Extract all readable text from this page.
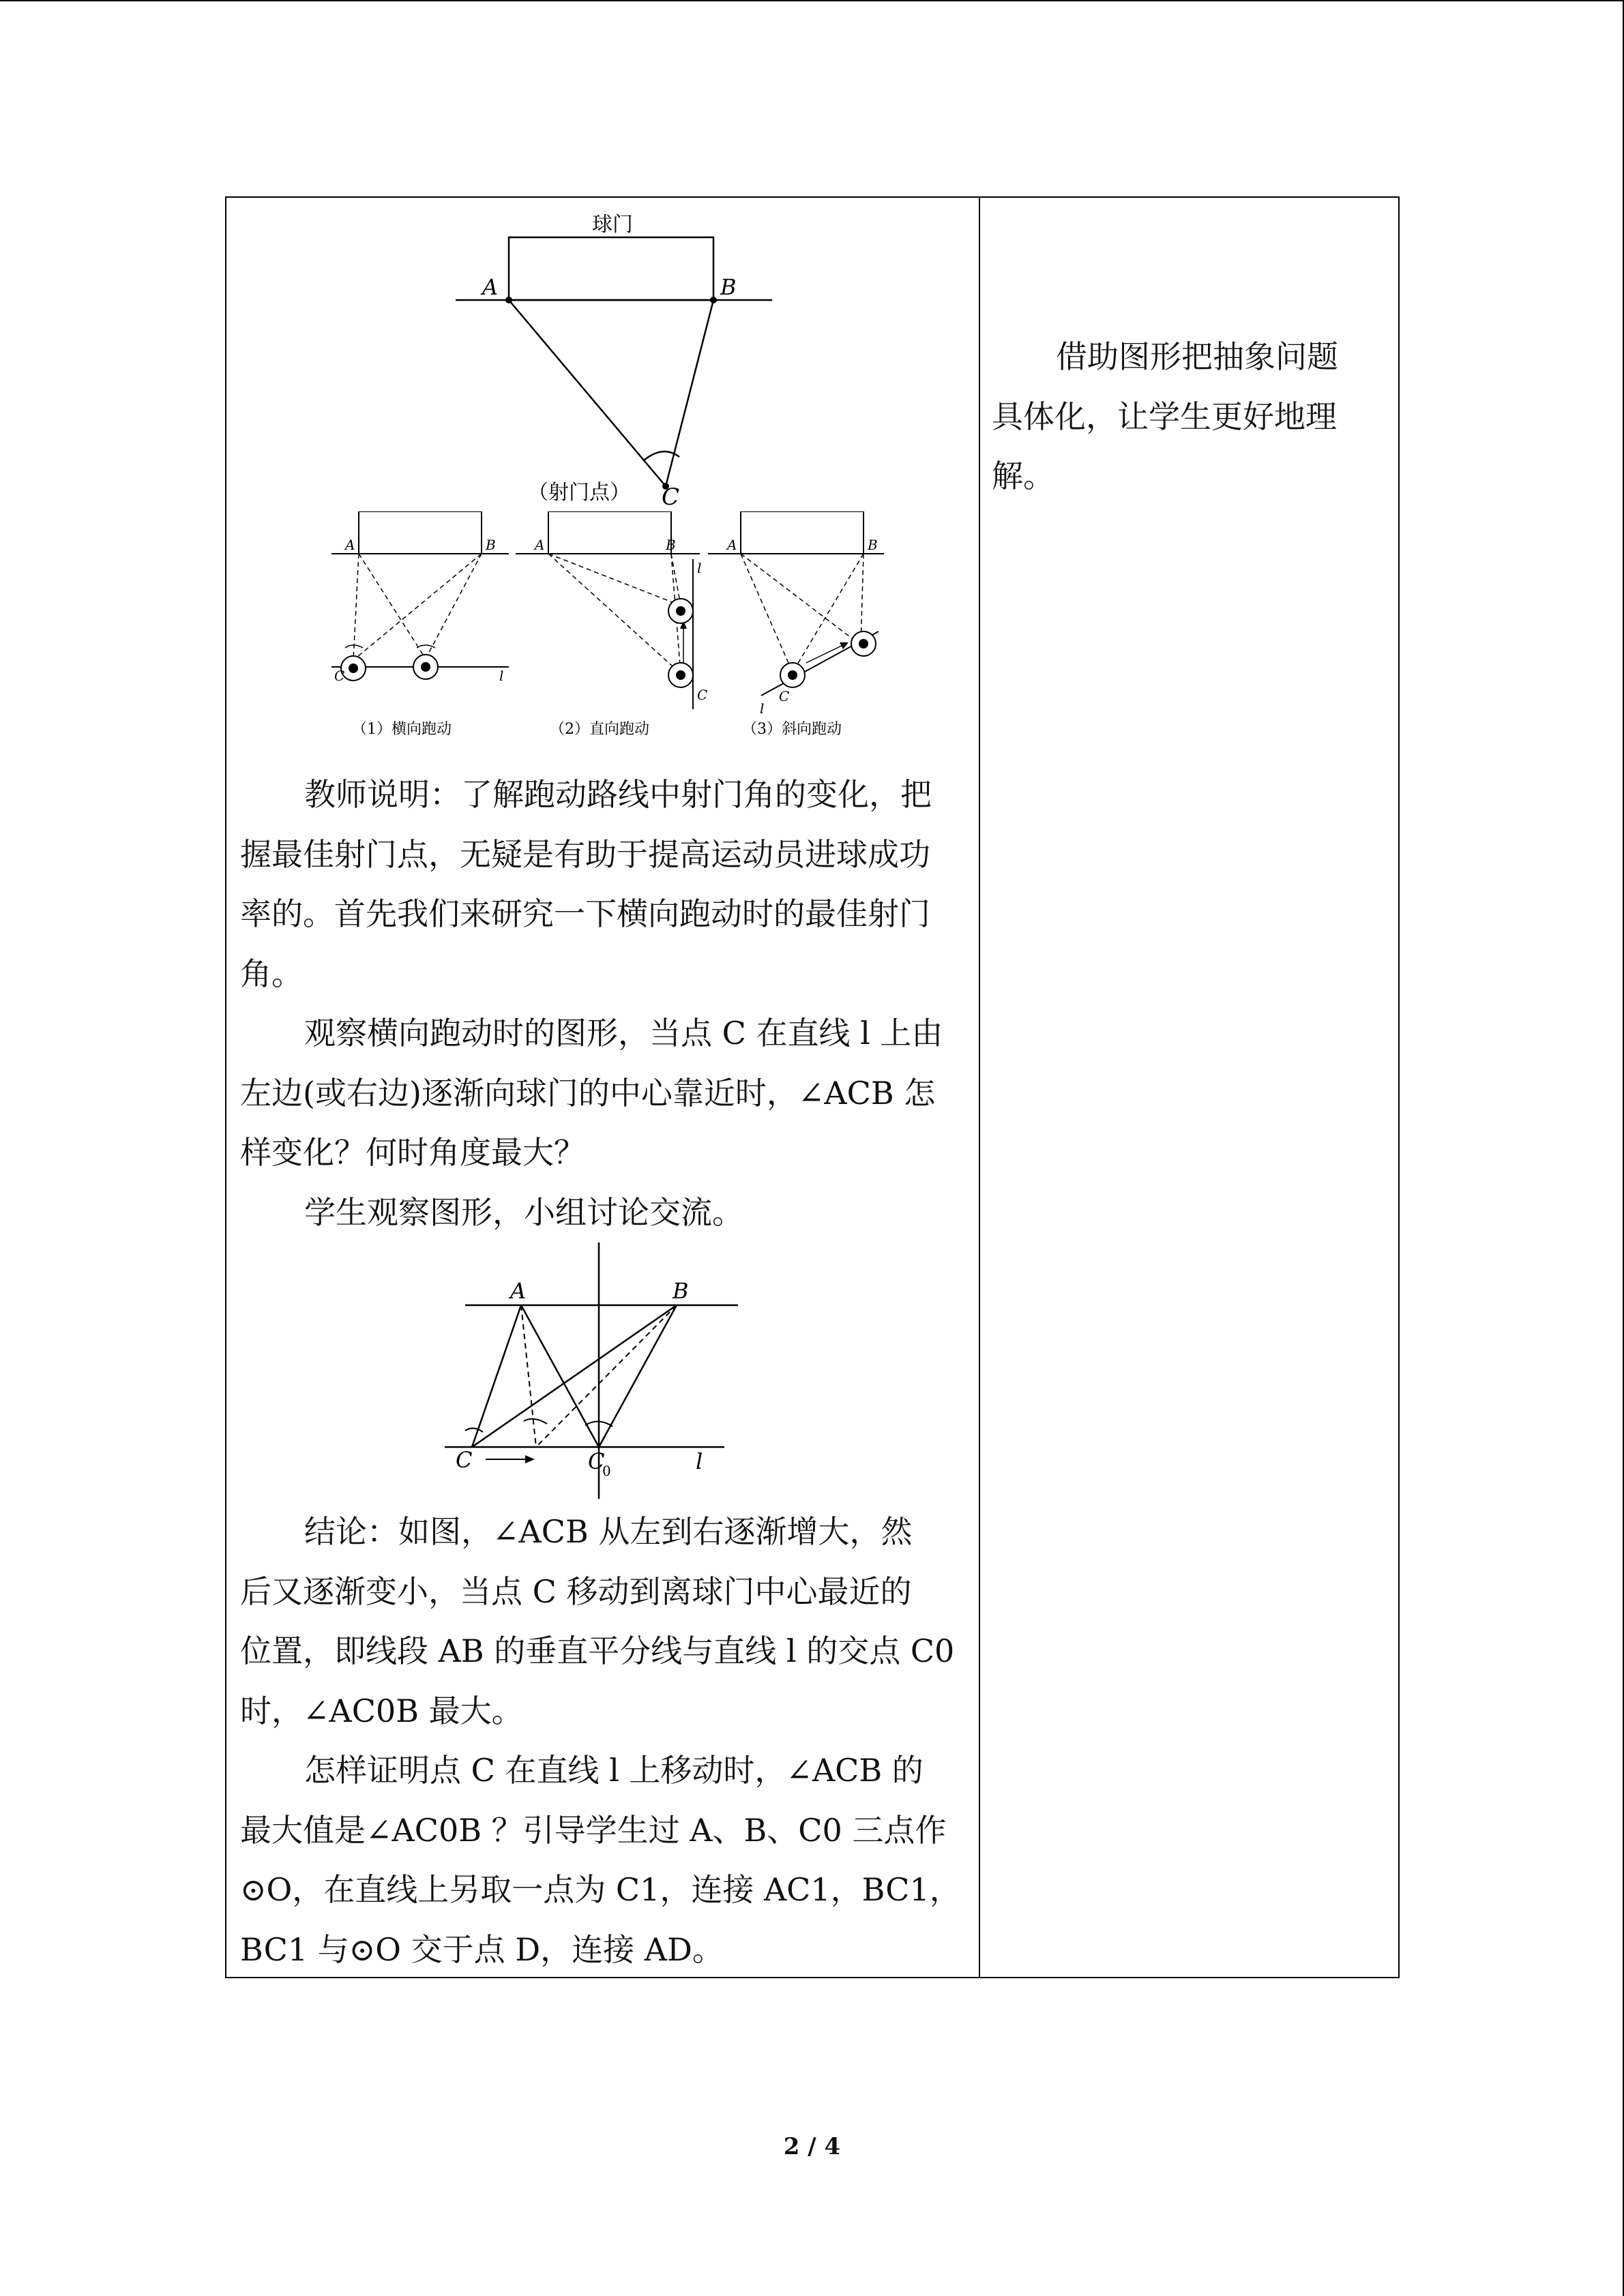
球门
A	B
（射门点） C
A	B
C	l
（1）横向跑动
A	B
l
C
（2）直向跑动
A	B
C
l
（3）斜向跑动
教师说明：了解跑动路线中射门角的变化，把
握最佳射门点，无疑是有助于提高运动员进球成功
率的。首先我们来研究一下横向跑动时的最佳射门
角。
观察横向跑动时的图形，当点 C 在直线 l 上由
左边(或右边)逐渐向球门的中心靠近时，∠ACB 怎
样变化？何时角度最大？
学生观察图形，小组讨论交流。
A	B
C	C
0	l
结论：如图，∠ACB 从左到右逐渐增大，然
后又逐渐变小，当点 C 移动到离球门中心最近的
位置，即线段 AB 的垂直平分线与直线 l 的交点 C0
时，∠AC0B 最大。
怎样证明点 C 在直线 l 上移动时，∠ACB 的
最大值是∠AC0B ？引导学生过 A、B、C0 三点作
⊙O，在直线上另取一点为 C1，连接 AC1，BC1，
BC1 与⊙O 交于点 D，连接 AD。
借助图形把抽象问题
具体化，让学生更好地理
解。
2 / 4
